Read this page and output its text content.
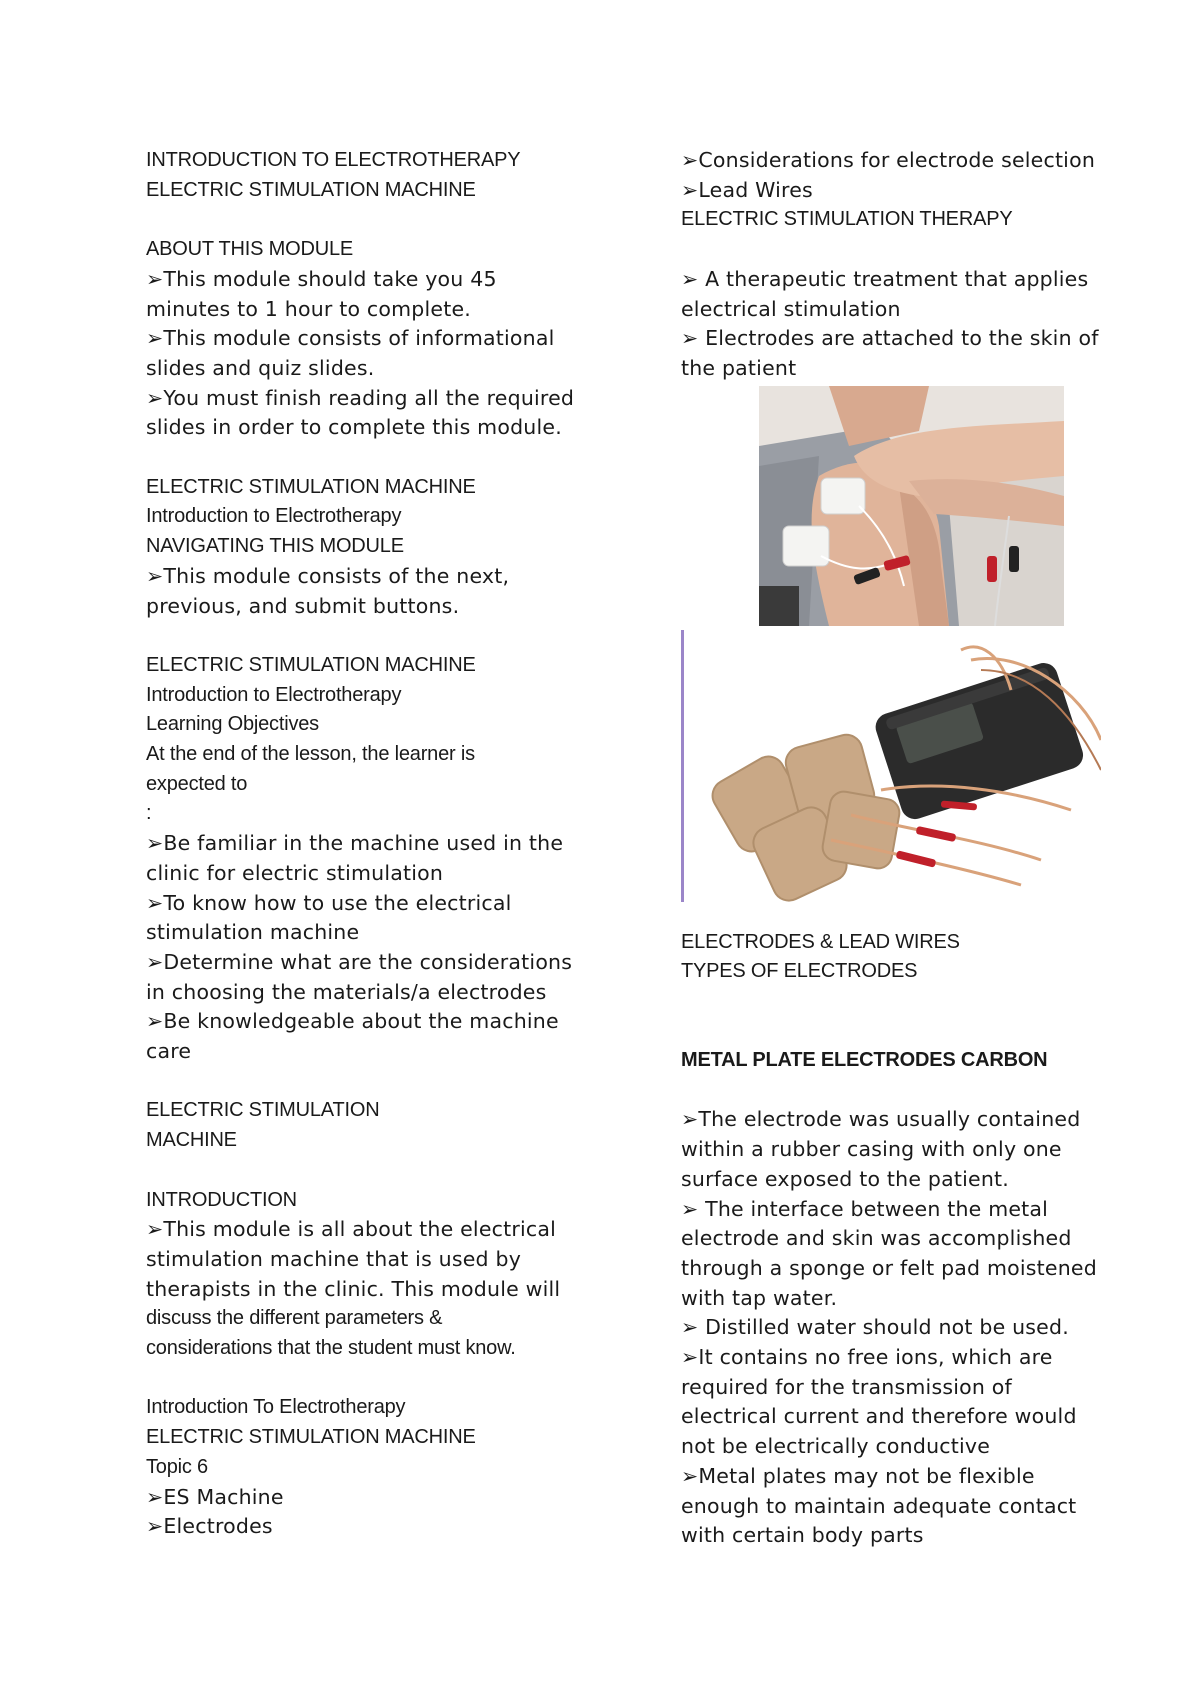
INTRODUCTION TO ELECTROTHERAPY
ELECTRIC STIMULATION MACHINE
ABOUT THIS MODULE
➢This module should take you 45
minutes to 1 hour to complete.
➢This module consists of informational
slides and quiz slides.
➢You must finish reading all the required
slides in order to complete this module.
ELECTRIC STIMULATION MACHINE
Introduction to Electrotherapy
NAVIGATING THIS MODULE
➢This module consists of the next,
previous, and submit buttons.
ELECTRIC STIMULATION MACHINE
Introduction to Electrotherapy
Learning Objectives
At the end of the lesson, the learner is
expected to
:
➢Be familiar in the machine used in the
clinic for electric stimulation
➢To know how to use the electrical
stimulation machine
➢Determine what are the considerations
in choosing the materials/a electrodes
➢Be knowledgeable about the machine
care
ELECTRIC STIMULATION
MACHINE
INTRODUCTION
➢This module is all about the electrical
stimulation machine that is used by
therapists in the clinic. This module will
discuss the different parameters &
considerations that the student must know.
Introduction To Electrotherapy
ELECTRIC STIMULATION MACHINE
Topic 6
➢ES Machine
➢Electrodes
➢Considerations for electrode selection
➢Lead Wires
ELECTRIC STIMULATION THERAPY
➢ A therapeutic treatment that applies
electrical stimulation
➢ Electrodes are attached to the skin of
the patient
ELECTRODES & LEAD WIRES
TYPES OF ELECTRODES
METAL PLATE ELECTRODES CARBON
➢The electrode was usually contained
within a rubber casing with only one
surface exposed to the patient.
➢ The interface between the metal
electrode and skin was accomplished
through a sponge or felt pad moistened
with tap water.
➢ Distilled water should not be used.
➢It contains no free ions, which are
required for the transmission of
electrical current and therefore would
not be electrically conductive
➢Metal plates may not be flexible
enough to maintain adequate contact
with certain body parts
